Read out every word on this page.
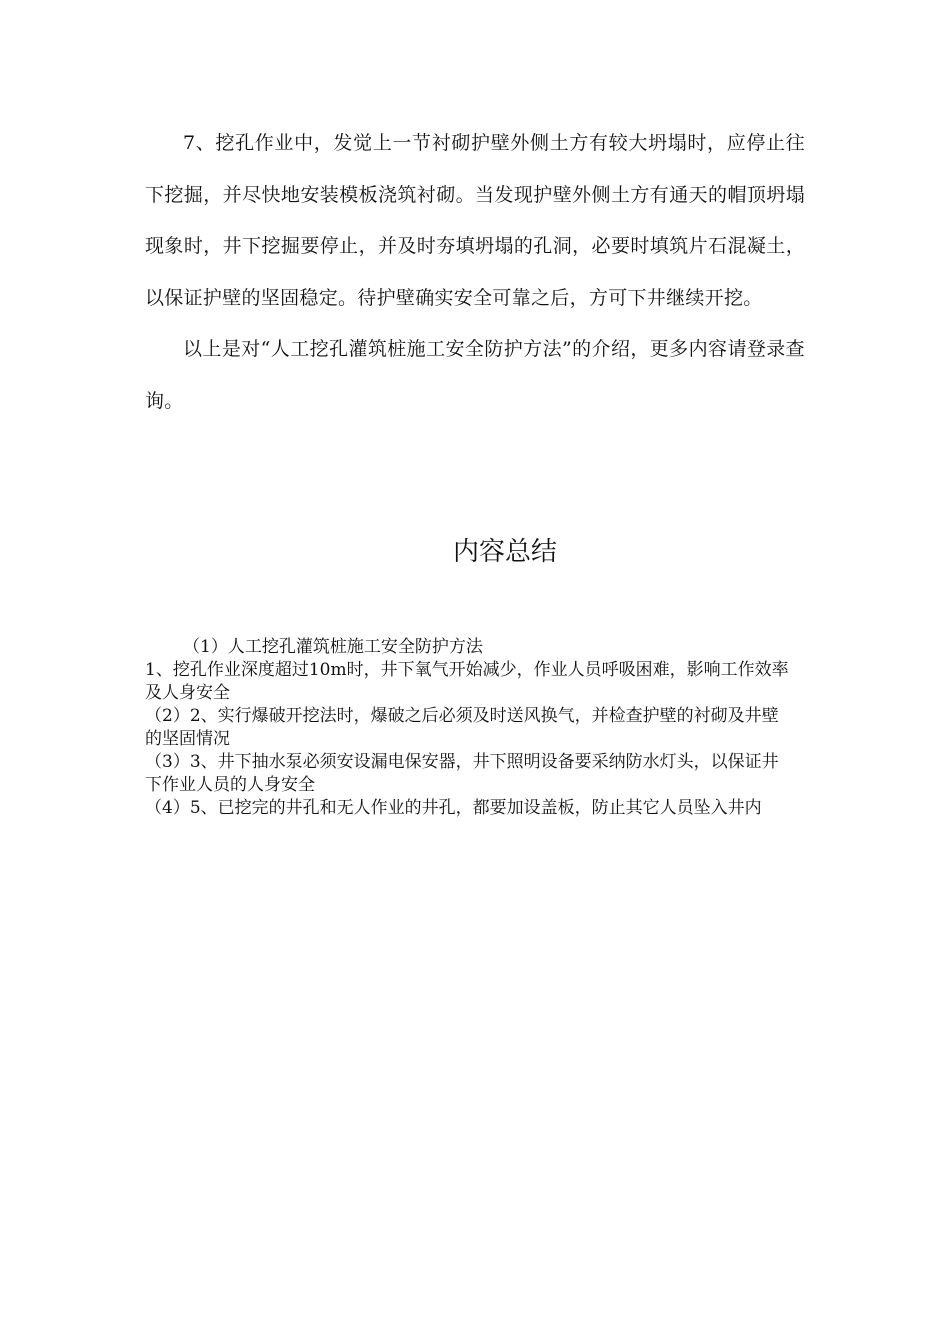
7、挖孔作业中，发觉上一节衬砌护壁外侧土方有较大坍塌时，应停止往下挖掘，并尽快地安装模板浇筑衬砌。当发现护壁外侧土方有通天的帽顶坍塌现象时，井下挖掘要停止，并及时夯填坍塌的孔洞，必要时填筑片石混凝土，以保证护壁的坚固稳定。待护壁确实安全可靠之后，方可下井继续开挖。

以上是对“人工挖孔灌筑桩施工安全防护方法”的介绍，更多内容请登录查询。

内容总结

（1）人工挖孔灌筑桩施工安全防护方法

1、挖孔作业深度超过10m时，井下氧气开始减少，作业人员呼吸困难，影响工作效率及人身安全

（2）2、实行爆破开挖法时，爆破之后必须及时送风换气，并检查护壁的衬砌及井壁的坚固情况

（3）3、井下抽水泵必须安设漏电保安器，井下照明设备要采纳防水灯头，以保证井下作业人员的人身安全

（4）5、已挖完的井孔和无人作业的井孔，都要加设盖板，防止其它人员坠入井内
